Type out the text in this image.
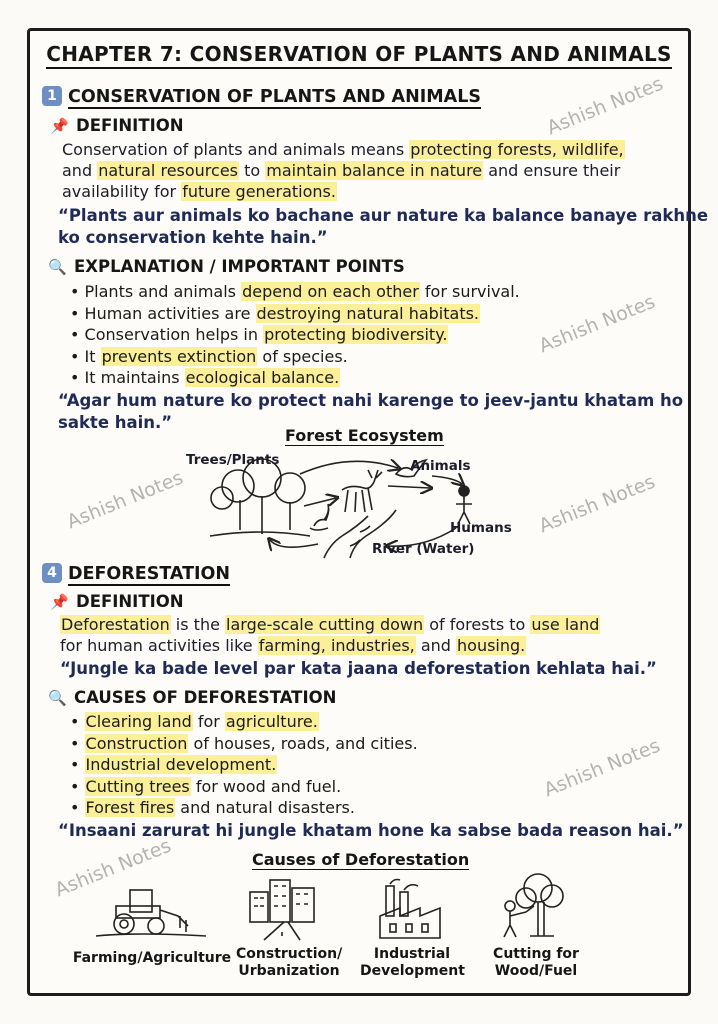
CHAPTER 7: CONSERVATION OF PLANTS AND ANIMALS
Ashish Notes
Ashish Notes
Ashish Notes	Ashish Notes
Ashish Notes
Ashish Notes
1 CONSERVATION OF PLANTS AND ANIMALS
📌 DEFINITION
Conservation of plants and animals means protecting forests, wildlife,
and natural resources to maintain balance in nature and ensure their
availability for future generations.
“Plants aur animals ko bachane aur nature ka balance banaye rakhne
ko conservation kehte hain.”
🔍 EXPLANATION / IMPORTANT POINTS
• Plants and animals depend on each other for survival.
• Human activities are destroying natural habitats.
• Conservation helps in protecting biodiversity.
• It prevents extinction of species.
• It maintains ecological balance.
“Agar hum nature ko protect nahi karenge to jeev-jantu khatam ho
sakte hain.”
Forest Ecosystem
Trees/Plants	Animals
Humans
River (Water)
4 DEFORESTATION
📌 DEFINITION
Deforestation is the large-scale cutting down of forests to use land
for human activities like farming, industries, and housing.
“Jungle ka bade level par kata jaana deforestation kehlata hai.”
🔍 CAUSES OF DEFORESTATION
• Clearing land for agriculture.
• Construction of houses, roads, and cities.
• Industrial development.
• Cutting trees for wood and fuel.
• Forest fires and natural disasters.
“Insaani zarurat hi jungle khatam hone ka sabse bada reason hai.”
Causes of Deforestation
Farming/Agriculture Construction/ Urbanization
Industrial Development
Cutting for Wood/Fuel
